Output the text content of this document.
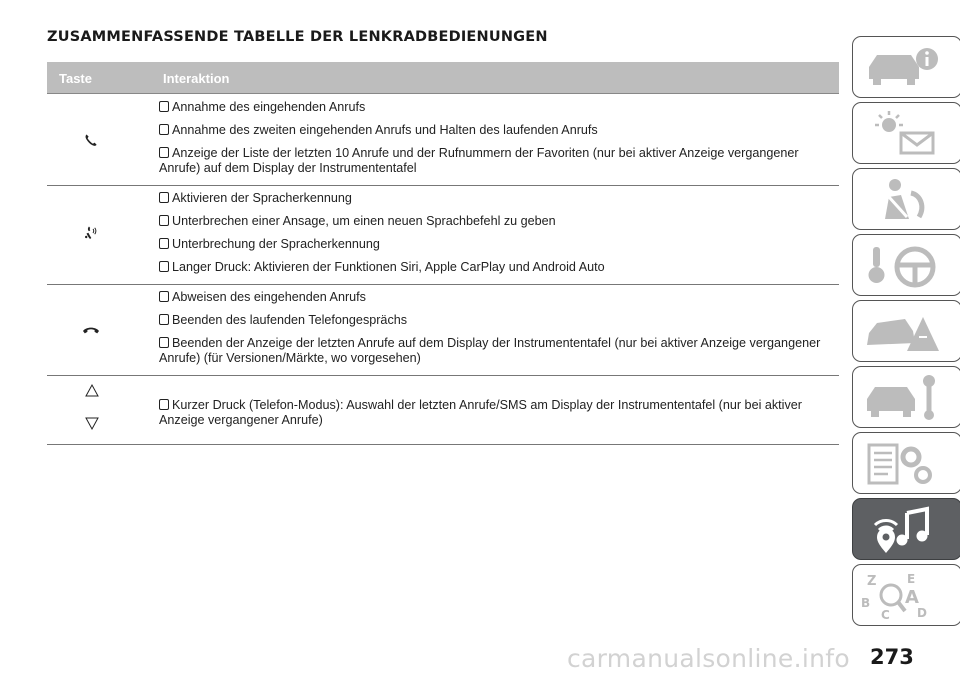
ZUSAMMENFASSENDE TABELLE DER LENKRADBEDIENUNGEN
Taste	Interaktion
Annahme des eingehenden Anrufs
Annahme des zweiten eingehenden Anrufs und Halten des laufenden Anrufs
Anzeige der Liste der letzten 10 Anrufe und der Rufnummern der Favoriten (nur bei aktiver Anzeige vergangener Anrufe) auf dem Display der Instrumententafel
Aktivieren der Spracherkennung
Unterbrechen einer Ansage, um einen neuen Sprachbefehl zu geben
Unterbrechung der Spracherkennung
Langer Druck: Aktivieren der Funktionen Siri, Apple CarPlay und Android Auto
Abweisen des eingehenden Anrufs
Beenden des laufenden Telefongesprächs
Beenden der Anzeige der letzten Anrufe auf dem Display der Instrumententafel (nur bei aktiver Anzeige vergangener Anrufe) (für Versionen/Märkte, wo vorgesehen)
Kurzer Druck (Telefon-Modus): Auswahl der letzten Anrufe/SMS am Display der Instrumententafel (nur bei aktiver Anzeige vergangener Anrufe)
Z	E
B A
D
C
carmanualsonline.info 273
